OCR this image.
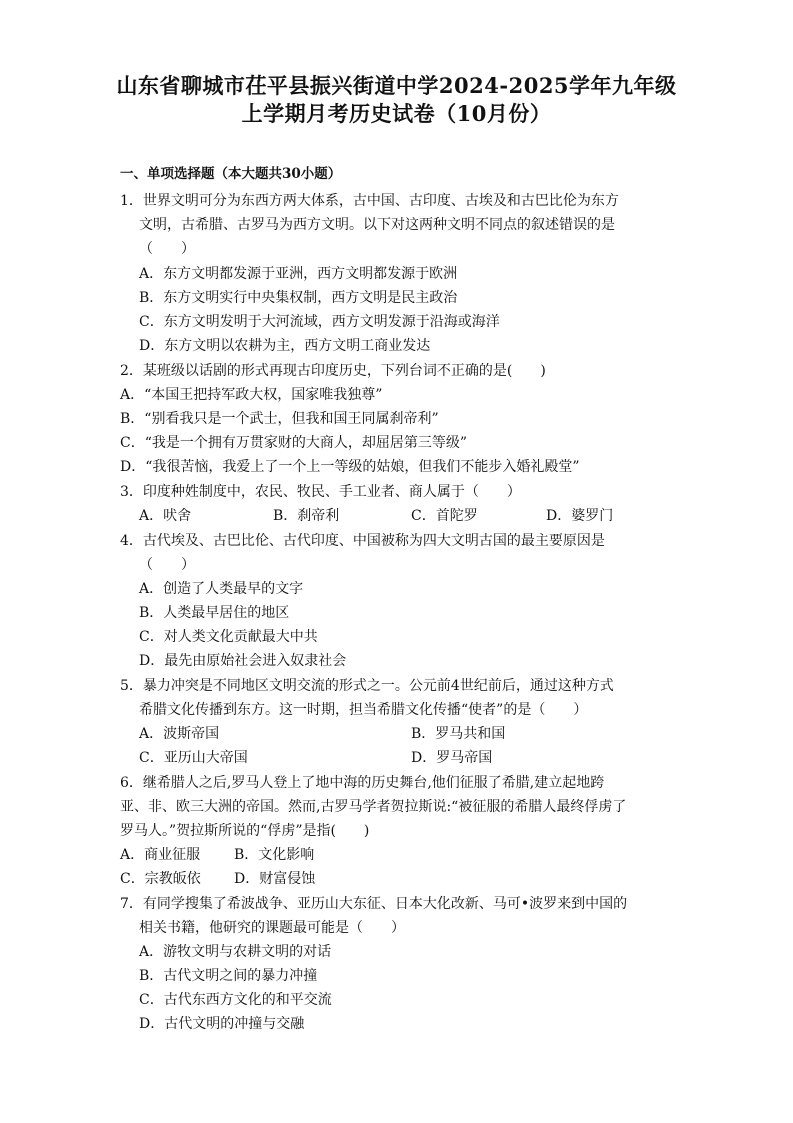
山东省聊城市茌平县振兴街道中学2024-2025学年九年级
上学期月考历史试卷（10月份）
一、单项选择题（本大题共30小题）
1．世界文明可分为东西方两大体系，古中国、古印度、古埃及和古巴比伦为东方
文明，古希腊、古罗马为西方文明。以下对这两种文明不同点的叙述错误的是
（　　）
A．东方文明都发源于亚洲，西方文明都发源于欧洲
B．东方文明实行中央集权制，西方文明是民主政治
C．东方文明发明于大河流域，西方文明发源于沿海或海洋
D．东方文明以农耕为主，西方文明工商业发达
2．某班级以话剧的形式再现古印度历史，下列台词不正确的是(　　)
A．“本国王把持军政大权，国家唯我独尊”
B．“别看我只是一个武士，但我和国王同属刹帝利”
C．“我是一个拥有万贯家财的大商人，却屈居第三等级”
D．“我很苦恼，我爱上了一个上一等级的姑娘，但我们不能步入婚礼殿堂”
3．印度种姓制度中，农民、牧民、手工业者、商人属于（　　）
A．吠舍	B．刹帝利	C．首陀罗	D．婆罗门
4．古代埃及、古巴比伦、古代印度、中国被称为四大文明古国的最主要原因是
（　　）
A．创造了人类最早的文字
B．人类最早居住的地区
C．对人类文化贡献最大中共
D．最先由原始社会进入奴隶社会
5．暴力冲突是不同地区文明交流的形式之一。公元前4世纪前后，通过这种方式
希腊文化传播到东方。这一时期，担当希腊文化传播“使者”的是（　　）
A．波斯帝国	B．罗马共和国
C．亚历山大帝国	D．罗马帝国
6．继希腊人之后,罗马人登上了地中海的历史舞台,他们征服了希腊,建立起地跨
亚、非、欧三大洲的帝国。然而,古罗马学者贺拉斯说:“被征服的希腊人最终俘虏了
罗马人。”贺拉斯所说的“俘虏”是指(　　)
A．商业征服 B．文化影响
C．宗教皈依 D．财富侵蚀
7．有同学搜集了希波战争、亚历山大东征、日本大化改新、马可•波罗来到中国的
相关书籍，他研究的课题最可能是（　　）
A．游牧文明与农耕文明的对话
B．古代文明之间的暴力冲撞
C．古代东西方文化的和平交流
D．古代文明的冲撞与交融
